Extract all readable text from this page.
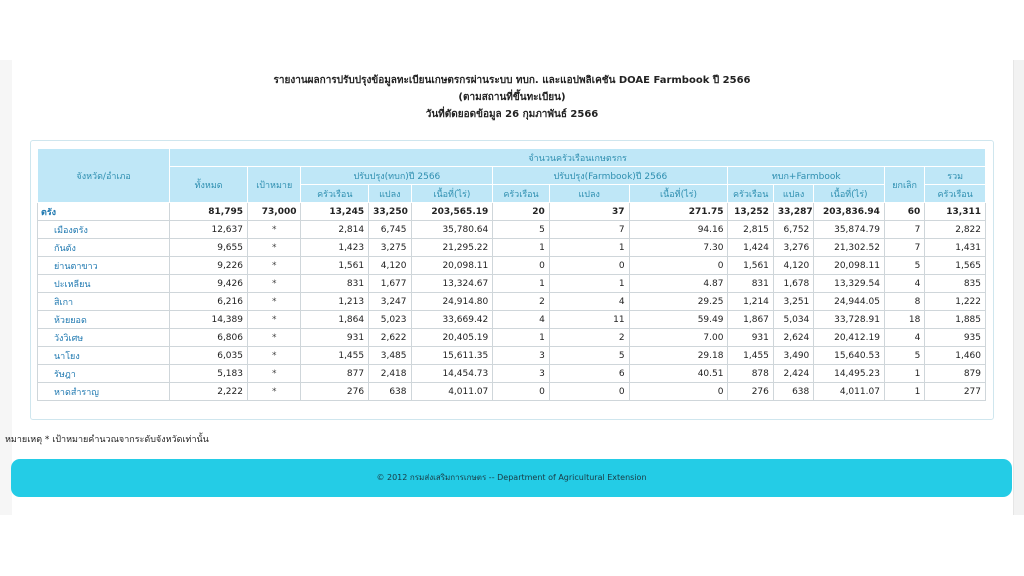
รายงานผลการปรับปรุงข้อมูลทะเบียนเกษตรกรผ่านระบบ ทบก. และแอปพลิเคชัน DOAE Farmbook ปี 2566
(ตามสถานที่ขึ้นทะเบียน)
วันที่ตัดยอดข้อมูล 26 กุมภาพันธ์ 2566
จังหวัด/อำเภอ	จำนวนครัวเรือนเกษตรกร												
	ทั้งหมด	เป้าหมาย	ปรับปรุง(ทบก)ปี 2566			ปรับปรุง(Farmbook)ปี 2566			ทบก+Farmbook			ยกเลิก	รวม
			ครัวเรือน	แปลง	เนื้อที่(ไร่)	ครัวเรือน	แปลง	เนื้อที่(ไร่)	ครัวเรือน	แปลง	เนื้อที่(ไร่)		ครัวเรือน
ตรัง	81,795	73,000	13,245	33,250	203,565.19	20	37	271.75	13,252	33,287	203,836.94	60	13,311
เมืองตรัง	12,637	*	2,814	6,745	35,780.64	5	7	94.16	2,815	6,752	35,874.79	7	2,822
กันตัง	9,655	*	1,423	3,275	21,295.22	1	1	7.30	1,424	3,276	21,302.52	7	1,431
ย่านตาขาว	9,226	*	1,561	4,120	20,098.11	0	0	0	1,561	4,120	20,098.11	5	1,565
ปะเหลียน	9,426	*	831	1,677	13,324.67	1	1	4.87	831	1,678	13,329.54	4	835
สิเกา	6,216	*	1,213	3,247	24,914.80	2	4	29.25	1,214	3,251	24,944.05	8	1,222
ห้วยยอด	14,389	*	1,864	5,023	33,669.42	4	11	59.49	1,867	5,034	33,728.91	18	1,885
วังวิเศษ	6,806	*	931	2,622	20,405.19	1	2	7.00	931	2,624	20,412.19	4	935
นาโยง	6,035	*	1,455	3,485	15,611.35	3	5	29.18	1,455	3,490	15,640.53	5	1,460
รัษฎา	5,183	*	877	2,418	14,454.73	3	6	40.51	878	2,424	14,495.23	1	879
หาดสำราญ	2,222	*	276	638	4,011.07	0	0	0	276	638	4,011.07	1	277
หมายเหตุ * เป้าหมายคำนวณจากระดับจังหวัดเท่านั้น
© 2012 กรมส่งเสริมการเกษตร -- Department of Agricultural Extension
